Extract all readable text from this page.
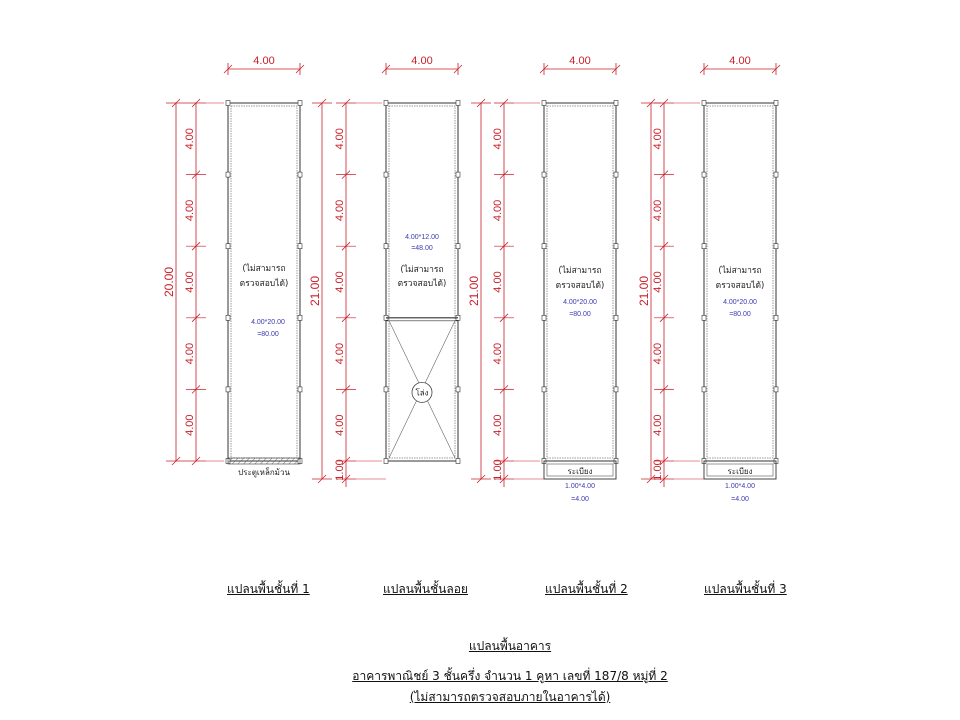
4.00
4.00
4.00
4.00
4.00
4.00
20.00	(ไม่สามารถ
ตรวจสอบได้)
4.00*20.00
=80.00
ประตูเหล็กม้วน
4.00
4.00
4.00
4.00
4.00
4.00
1.00
21.00
4.00*12.00
=48.00
(ไม่สามารถ
ตรวจสอบได้)
โล่ง
4.00
4.00
4.00
4.00
4.00
4.00
1.00
21.00
(ไม่สามารถ
ตรวจสอบได้)
4.00*20.00
=80.00
ระเบียง
1.00*4.00
=4.00
4.00
4.00
4.00
4.00
4.00
4.00
1.00
21.00
(ไม่สามารถ
ตรวจสอบได้)
4.00*20.00
=80.00
ระเบียง
1.00*4.00
=4.00
แปลนพื้นชั้นที่ 1	แปลนพื้นชั้นลอย	แปลนพื้นชั้นที่ 2	แปลนพื้นชั้นที่ 3
แปลนพื้นอาคาร
อาคารพาณิชย์ 3 ชั้นครึ่ง จำนวน 1 คูหา เลขที่ 187/8 หมู่ที่ 2
(ไม่สามารถตรวจสอบภายในอาคารได้)
